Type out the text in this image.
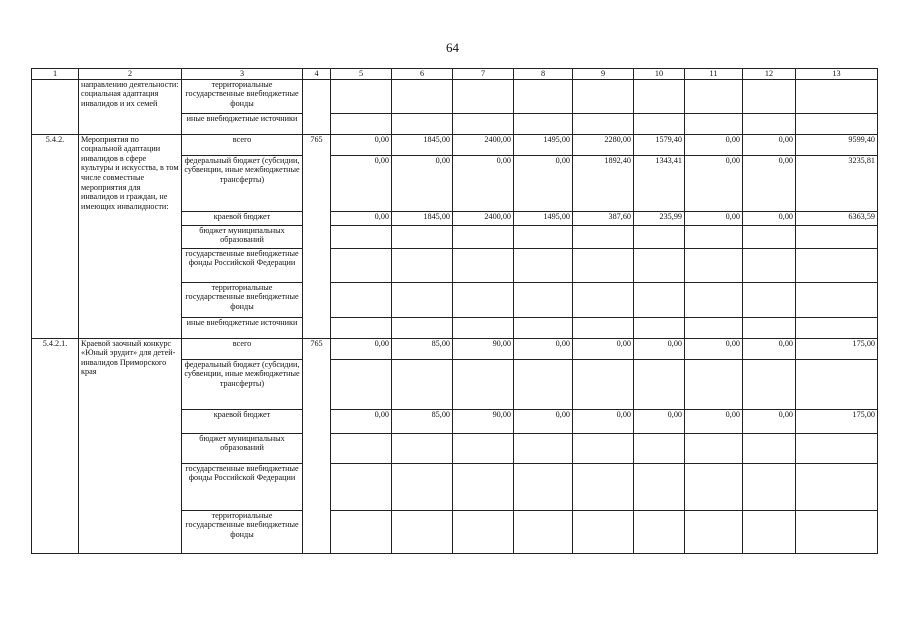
64
1	2	3	4	5	6	7	8	9	10	11	12	13
	направлению деятельности: социальная адаптация инвалидов и их семей	территориальные государственные внебюджетные фонды										
		иные внебюджетные источники										
5.4.2.	Мероприятия по социальной адаптации инвалидов в сфере культуры и искусства, в том числе совместные мероприятия для инвалидов и граждан, не имеющих инвалидности:	всего	765	0,00	1845,00	2400,00	1495,00	2280,00	1579,40	0,00	0,00	9599,40
		федеральный бюджет (субсидии, субвенции, иные межбюджетные трансферты)		0,00	0,00	0,00	0,00	1892,40	1343,41	0,00	0,00	3235,81
		краевой бюджет		0,00	1845,00	2400,00	1495,00	387,60	235,99	0,00	0,00	6363,59
		бюджет муниципальных образований										
		государственные внебюджетные фонды Российской Федерации										
		территориальные государственные внебюджетные фонды										
		иные внебюджетные источники										
5.4.2.1.	Краевой заочный конкурс «Юный эрудит» для детей-инвалидов Приморского края	всего	765	0,00	85,00	90,00	0,00	0,00	0,00	0,00	0,00	175,00
		федеральный бюджет (субсидии, субвенции, иные межбюджетные трансферты)										
		краевой бюджет		0,00	85,00	90,00	0,00	0,00	0,00	0,00	0,00	175,00
		бюджет муниципальных образований										
		государственные внебюджетные фонды Российской Федерации										
		территориальные государственные внебюджетные фонды										
